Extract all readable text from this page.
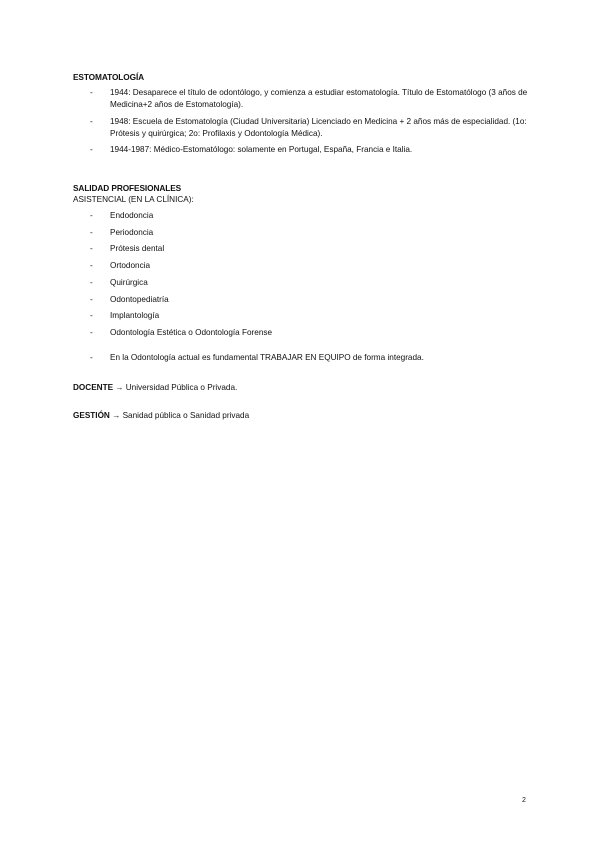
ESTOMATOLOGÍA

- 1944: Desaparece el título de odontólogo, y comienza a estudiar estomatología. Título de Estomatólogo (3 años de Medicina+2 años de Estomatología).
- 1948: Escuela de Estomatología (Ciudad Universitaria) Licenciado en Medicina + 2 años más de especialidad. (1o: Prótesis y quirúrgica; 2o: Profilaxis y Odontología Médica).
- 1944-1987: Médico-Estomatólogo: solamente en Portugal, España, Francia e Italia.

SALIDAD PROFESIONALES

ASISTENCIAL (EN LA CLÍNICA):

- Endodoncia
- Periodoncia
- Prótesis dental
- Ortodoncia
- Quirúrgica
- Odontopediatría
- Implantología
- Odontología Estética o Odontología Forense
- En la Odontología actual es fundamental TRABAJAR EN EQUIPO de forma integrada.

DOCENTE → Universidad Pública o Privada.

GESTIÓN → Sanidad pública o Sanidad privada

2
